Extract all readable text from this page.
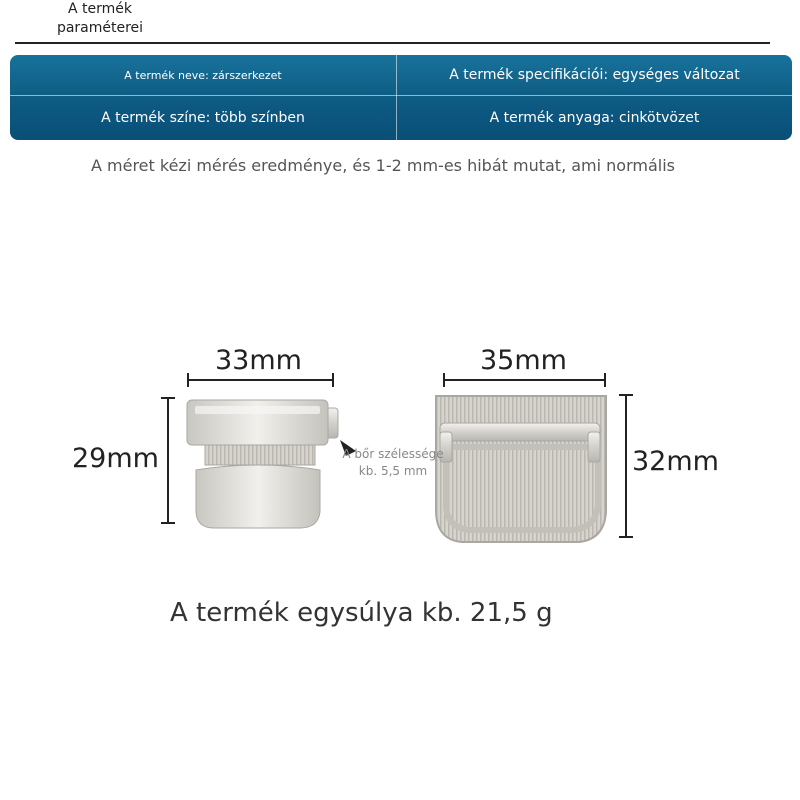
A termék paraméterei
A termék neve: zárszerkezet	A termék specifikációi: egységes változat
A termék színe: több színben	A termék anyaga: cinkötvözet
A méret kézi mérés eredménye, és 1-2 mm-es hibát mutat, ami normális
33mm
29mm
35mm
32mm
A bőr szélessége
kb. 5,5 mm
A termék egysúlya kb. 21,5 g
